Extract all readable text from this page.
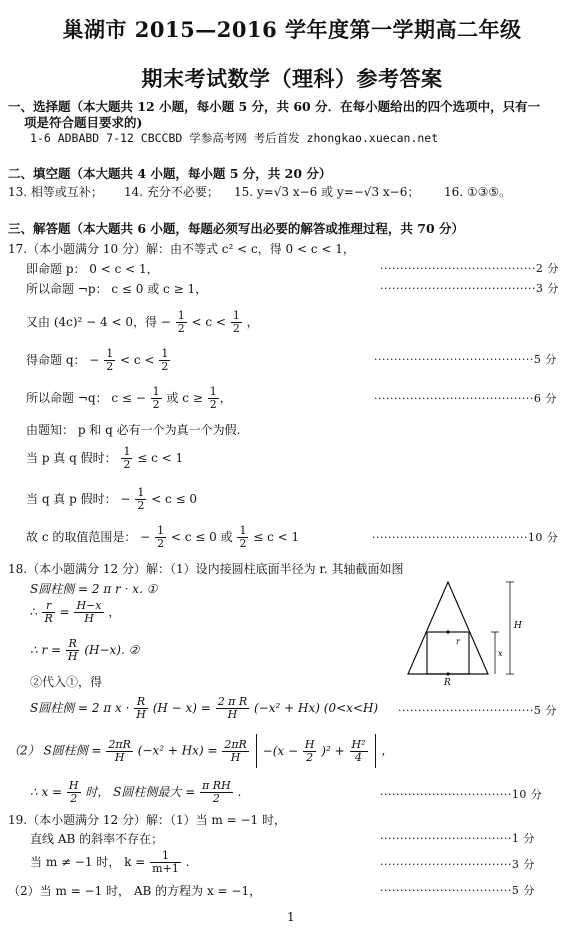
巢湖市 2015—2016 学年度第一学期高二年级
期末考试数学（理科）参考答案
一、选择题（本大题共 12 小题，每小题 5 分，共 60 分．在每小题给出的四个选项中，只有一
项是符合题目要求的)
1-6 ADBABD 7-12 CBCCBD 学参高考网 考后首发 zhongkao.xuecan.net
二、填空题（本大题共 4 小题，每小题 5 分，共 20 分）
13. 相等或互补； 14. 充分不必要； 15. y=√3 x−6 或 y=−√3 x−6； 16. ①③⑤。
三、解答题（本大题共 6 小题，每题必须写出必要的解答或推理过程，共 70 分）
17.（本小题满分 10 分）解：由不等式 c² < c，得 0 < c < 1，
即命题 p： 0 < c < 1，	·······································2 分
所以命题 ¬p： c ≤ 0 或 c ≥ 1，	·······································3 分
又由 (4c)² − 4 < 0，得 − $\frac{1}{2} < c < \frac{1}{2}$ ，
得命题 q： − $\frac{1}{2} < c < \frac{1}{2}$	········································5 分
所以命题 ¬q： c ≤ − $\frac{1}{2}$ 或 $c \ge \frac{1}{2}$ ，	········································6 分
由题知： p 和 q 必有一个为真一个为假.
当 p 真 q 假时： $\frac{1}{2} \le c < 1$
当 q 真 p 假时： − $\frac{1}{2} < c \le 0$
故 c 的取值范围是： − $\frac{1}{2} < c \le 0$ 或 $\frac{1}{2} \le c < 1$	·······································10 分
18.（本小题满分 12 分）解：（1）设内接圆柱底面半径为 r. 其轴截面如图
S圆柱侧 = 2 π r · x. ①
∴ $\frac{r}{R} = \frac{H-x}{H}$ ，
∴ $r = \frac{R}{H} (H-x)$. ②
②代入①，得
S圆柱侧 = 2 π $x \cdot \frac{R}{H} (H - x) = \frac{\text{2 π R}}{H} (-x^2 + Hx)$ (0<x<H) ··································5 分
（2） S圆柱侧 = $\frac{2\pi R}{H} (-x^2 + Hx) = \frac{2\pi R}{H} -(x - \frac{H}{2} )^2 + \frac{\text{H²}}{4}$ ，
∴ $x = \frac{H}{2}$ 时， S圆柱侧最大 = $\frac{\text{π RH}}{2}$ .	·································10 分
r
R
H
x
19.（本小题满分 12 分）解：（1）当 m = −1 时，
直线 AB 的斜率不存在；	·································1 分
当 m ≠ −1 时， $k = \frac{1}{m+1}$ .	·································3 分
（2）当 m = −1 时， AB 的方程为 x = −1，	·································5 分
1
